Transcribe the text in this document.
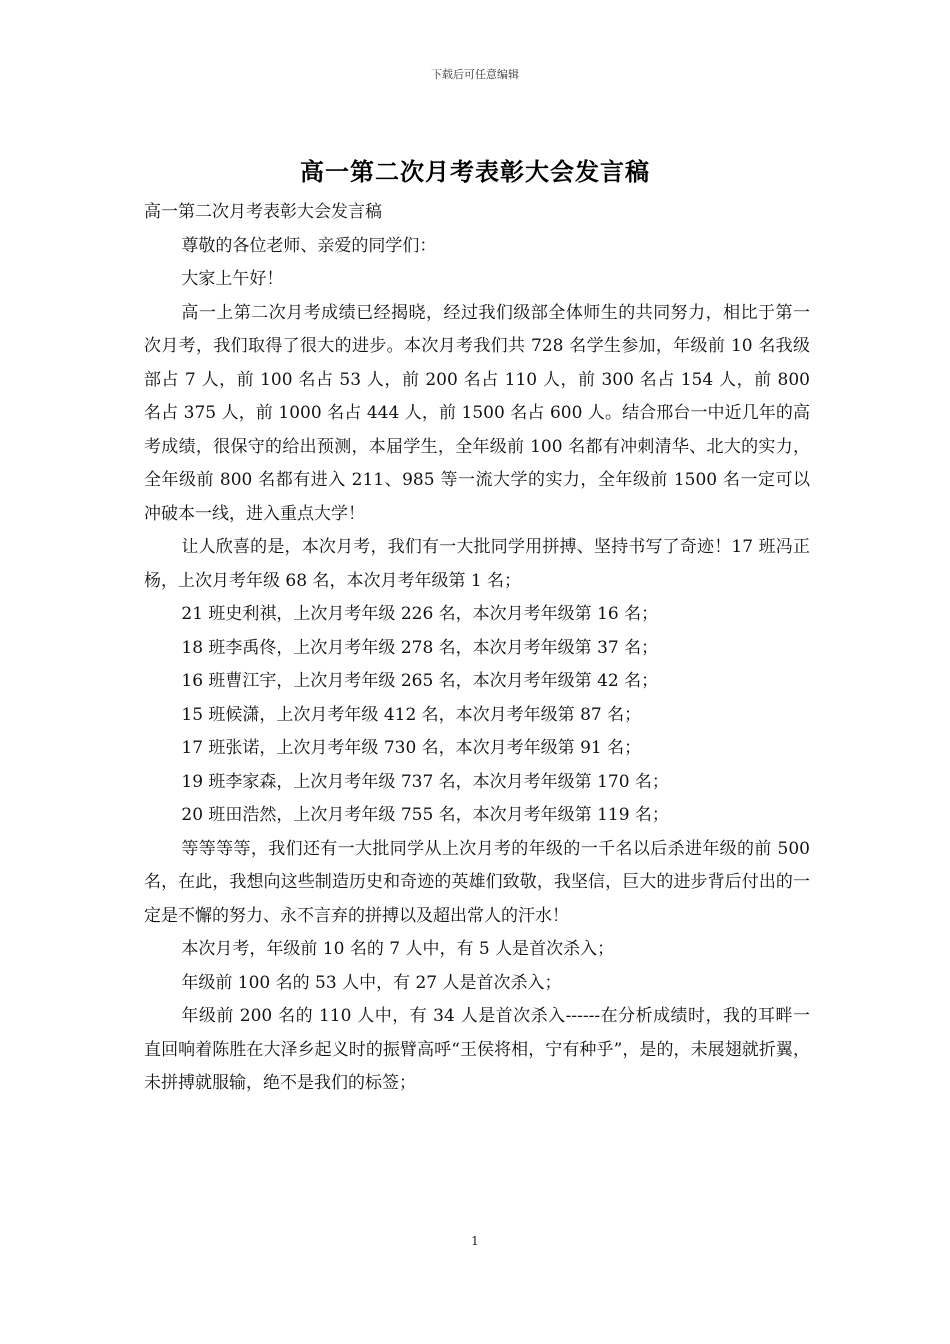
下载后可任意编辑
高一第二次月考表彰大会发言稿

高一第二次月考表彰大会发言稿

尊敬的各位老师、亲爱的同学们：

大家上午好！

高一上第二次月考成绩已经揭晓，经过我们级部全体师生的共同努力，相比于第一次月考，我们取得了很大的进步。本次月考我们共 728 名学生参加，年级前 10 名我级部占 7 人，前 100 名占 53 人，前 200 名占 110 人，前 300 名占 154 人，前 800 名占 375 人，前 1000 名占 444 人，前 1500 名占 600 人。结合邢台一中近几年的高考成绩，很保守的给出预测，本届学生，全年级前 100 名都有冲刺清华、北大的实力，全年级前 800 名都有进入 211、985 等一流大学的实力，全年级前 1500 名一定可以冲破本一线，进入重点大学！

让人欣喜的是，本次月考，我们有一大批同学用拼搏、坚持书写了奇迹！17 班冯正杨，上次月考年级 68 名，本次月考年级第 1 名；

21 班史利祺，上次月考年级 226 名，本次月考年级第 16 名；

18 班李禹佟，上次月考年级 278 名，本次月考年级第 37 名；

16 班曹江宇，上次月考年级 265 名，本次月考年级第 42 名；

15 班候潇，上次月考年级 412 名，本次月考年级第 87 名；

17 班张诺，上次月考年级 730 名，本次月考年级第 91 名；

19 班李家森，上次月考年级 737 名，本次月考年级第 170 名；

20 班田浩然，上次月考年级 755 名，本次月考年级第 119 名；

等等等等，我们还有一大批同学从上次月考的年级的一千名以后杀进年级的前 500 名，在此，我想向这些制造历史和奇迹的英雄们致敬，我坚信，巨大的进步背后付出的一定是不懈的努力、永不言弃的拼搏以及超出常人的汗水！

本次月考，年级前 10 名的 7 人中，有 5 人是首次杀入；

年级前 100 名的 53 人中，有 27 人是首次杀入；

年级前 200 名的 110 人中，有 34 人是首次杀入------在分析成绩时，我的耳畔一直回响着陈胜在大泽乡起义时的振臂高呼“王侯将相，宁有种乎”，是的，未展翅就折翼，未拼搏就服输，绝不是我们的标签；

1
